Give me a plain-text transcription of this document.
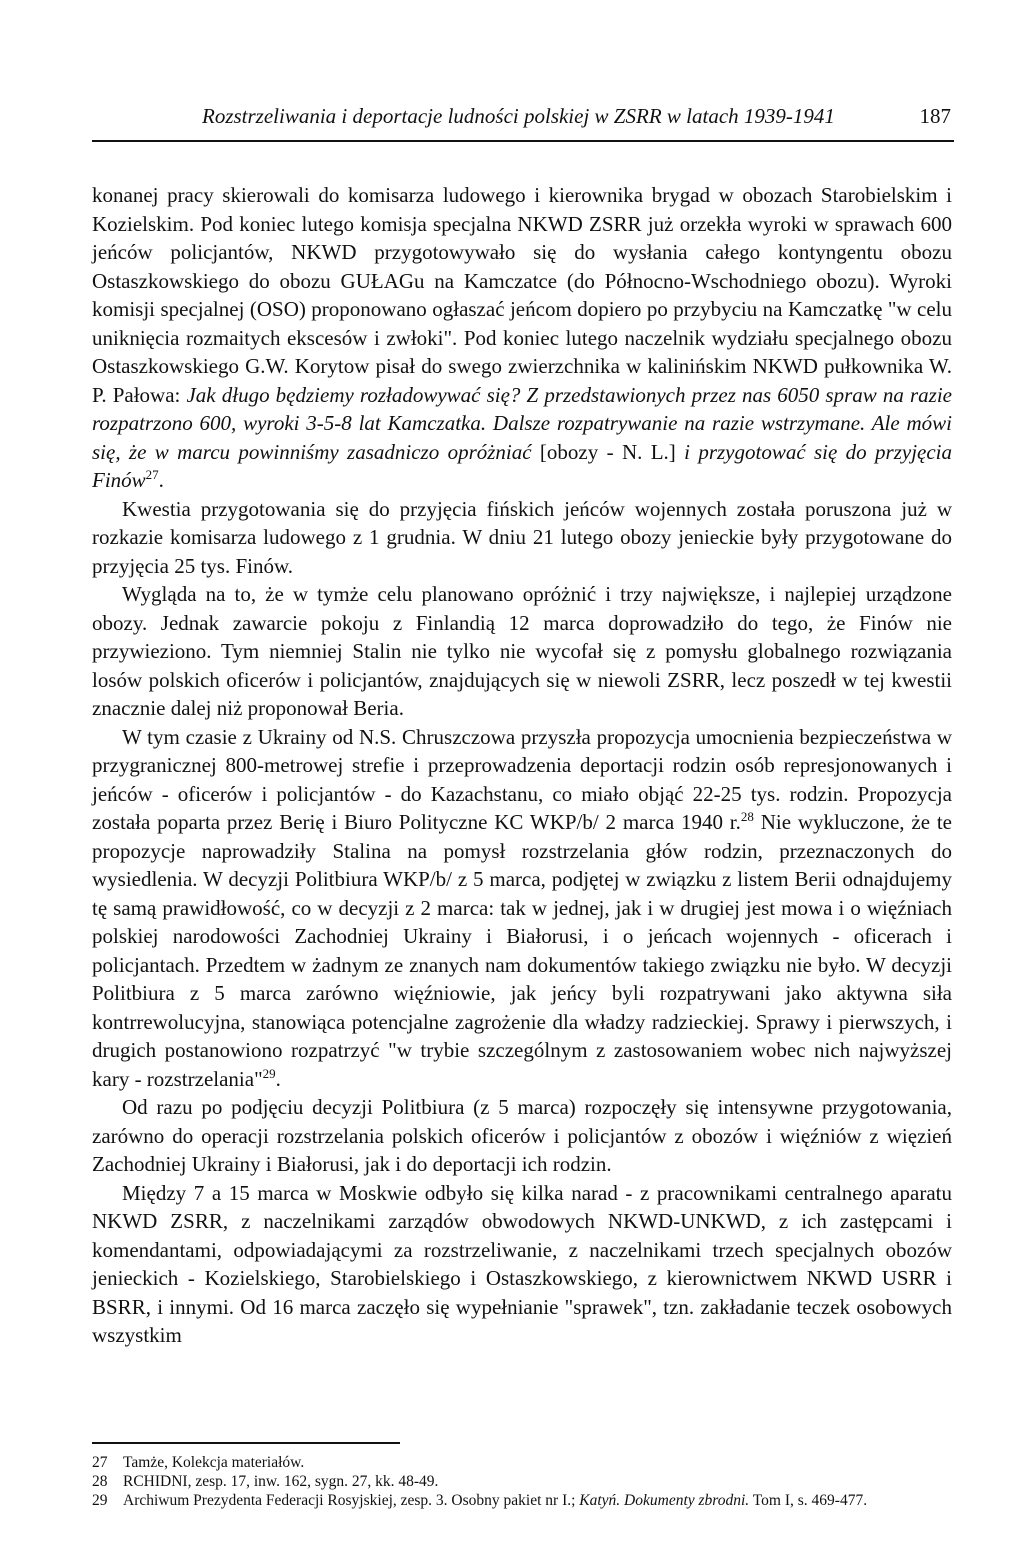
Rozstrzeliwania i deportacje ludności polskiej w ZSRR w latach 1939-1941	187

konanej pracy skierowali do komisarza ludowego i kierownika brygad w obozach Starobielskim i Kozielskim. Pod koniec lutego komisja specjalna NKWD ZSRR już orzekła wyroki w sprawach 600 jeńców policjantów, NKWD przygotowywało się do wysłania całego kontyngentu obozu Ostaszkowskiego do obozu GUŁAGu na Kamczatce (do Północno-Wschodniego obozu). Wyroki komisji specjalnej (OSO) proponowano ogłaszać jeńcom dopiero po przybyciu na Kamczatkę "w celu uniknięcia rozmaitych ekscesów i zwłoki". Pod koniec lutego naczelnik wydziału specjalnego obozu Ostaszkowskiego G.W. Korytow pisał do swego zwierzchnika w kalinińskim NKWD pułkownika W. P. Pałowa: Jak długo będziemy rozładowywać się? Z przedstawionych przez nas 6050 spraw na razie rozpatrzono 600, wyroki 3-5-8 lat Kamczatka. Dalsze rozpatrywanie na razie wstrzymane. Ale mówi się, że w marcu powinniśmy zasadniczo opróżniać [obozy - N. L.] i przygotować się do przyjęcia Finów$^{27}$.

Kwestia przygotowania się do przyjęcia fińskich jeńców wojennych została poruszona już w rozkazie komisarza ludowego z 1 grudnia. W dniu 21 lutego obozy jenieckie były przygotowane do przyjęcia 25 tys. Finów.

Wygląda na to, że w tymże celu planowano opróżnić i trzy największe, i najlepiej urządzone obozy. Jednak zawarcie pokoju z Finlandią 12 marca doprowadziło do tego, że Finów nie przywieziono. Tym niemniej Stalin nie tylko nie wycofał się z pomysłu globalnego rozwiązania losów polskich oficerów i policjantów, znajdujących się w niewoli ZSRR, lecz poszedł w tej kwestii znacznie dalej niż proponował Beria.

W tym czasie z Ukrainy od N.S. Chruszczowa przyszła propozycja umocnienia bezpieczeństwa w przygranicznej 800-metrowej strefie i przeprowadzenia deportacji rodzin osób represjonowanych i jeńców - oficerów i policjantów - do Kazachstanu, co miało objąć 22-25 tys. rodzin. Propozycja została poparta przez Berię i Biuro Polityczne KC WKP/b/ 2 marca 1940 r.$^{28}$ Nie wykluczone, że te propozycje naprowadziły Stalina na pomysł rozstrzelania głów rodzin, przeznaczonych do wysiedlenia. W decyzji Politbiura WKP/b/ z 5 marca, podjętej w związku z listem Berii odnajdujemy tę samą prawidłowość, co w decyzji z 2 marca: tak w jednej, jak i w drugiej jest mowa i o więźniach polskiej narodowości Zachodniej Ukrainy i Białorusi, i o jeńcach wojennych - oficerach i policjantach. Przedtem w żadnym ze znanych nam dokumentów takiego związku nie było. W decyzji Politbiura z 5 marca zarówno więźniowie, jak jeńcy byli rozpatrywani jako aktywna siła kontrrewolucyjna, stanowiąca potencjalne zagrożenie dla władzy radzieckiej. Sprawy i pierwszych, i drugich postanowiono rozpatrzyć "w trybie szczególnym z zastosowaniem wobec nich najwyższej kary - rozstrzelania"$^{29}$.

Od razu po podjęciu decyzji Politbiura (z 5 marca) rozpoczęły się intensywne przygotowania, zarówno do operacji rozstrzelania polskich oficerów i policjantów z obozów i więźniów z więzień Zachodniej Ukrainy i Białorusi, jak i do deportacji ich rodzin.

Między 7 a 15 marca w Moskwie odbyło się kilka narad - z pracownikami centralnego aparatu NKWD ZSRR, z naczelnikami zarządów obwodowych NKWD-UNKWD, z ich zastępcami i komendantami, odpowiadającymi za rozstrzeliwanie, z naczelnikami trzech specjalnych obozów jenieckich - Kozielskiego, Starobielskiego i Ostaszkowskiego, z kierownictwem NKWD USRR i BSRR, i innymi. Od 16 marca zaczęło się wypełnianie "sprawek", tzn. zakładanie teczek osobowych wszystkim

27 Tamże, Kolekcja materiałów.

28 RCHIDNI, zesp. 17, inw. 162, sygn. 27, kk. 48-49.

29 Archiwum Prezydenta Federacji Rosyjskiej, zesp. 3. Osobny pakiet nr I.; Katyń. Dokumenty zbrodni. Tom I, s. 469-477.
